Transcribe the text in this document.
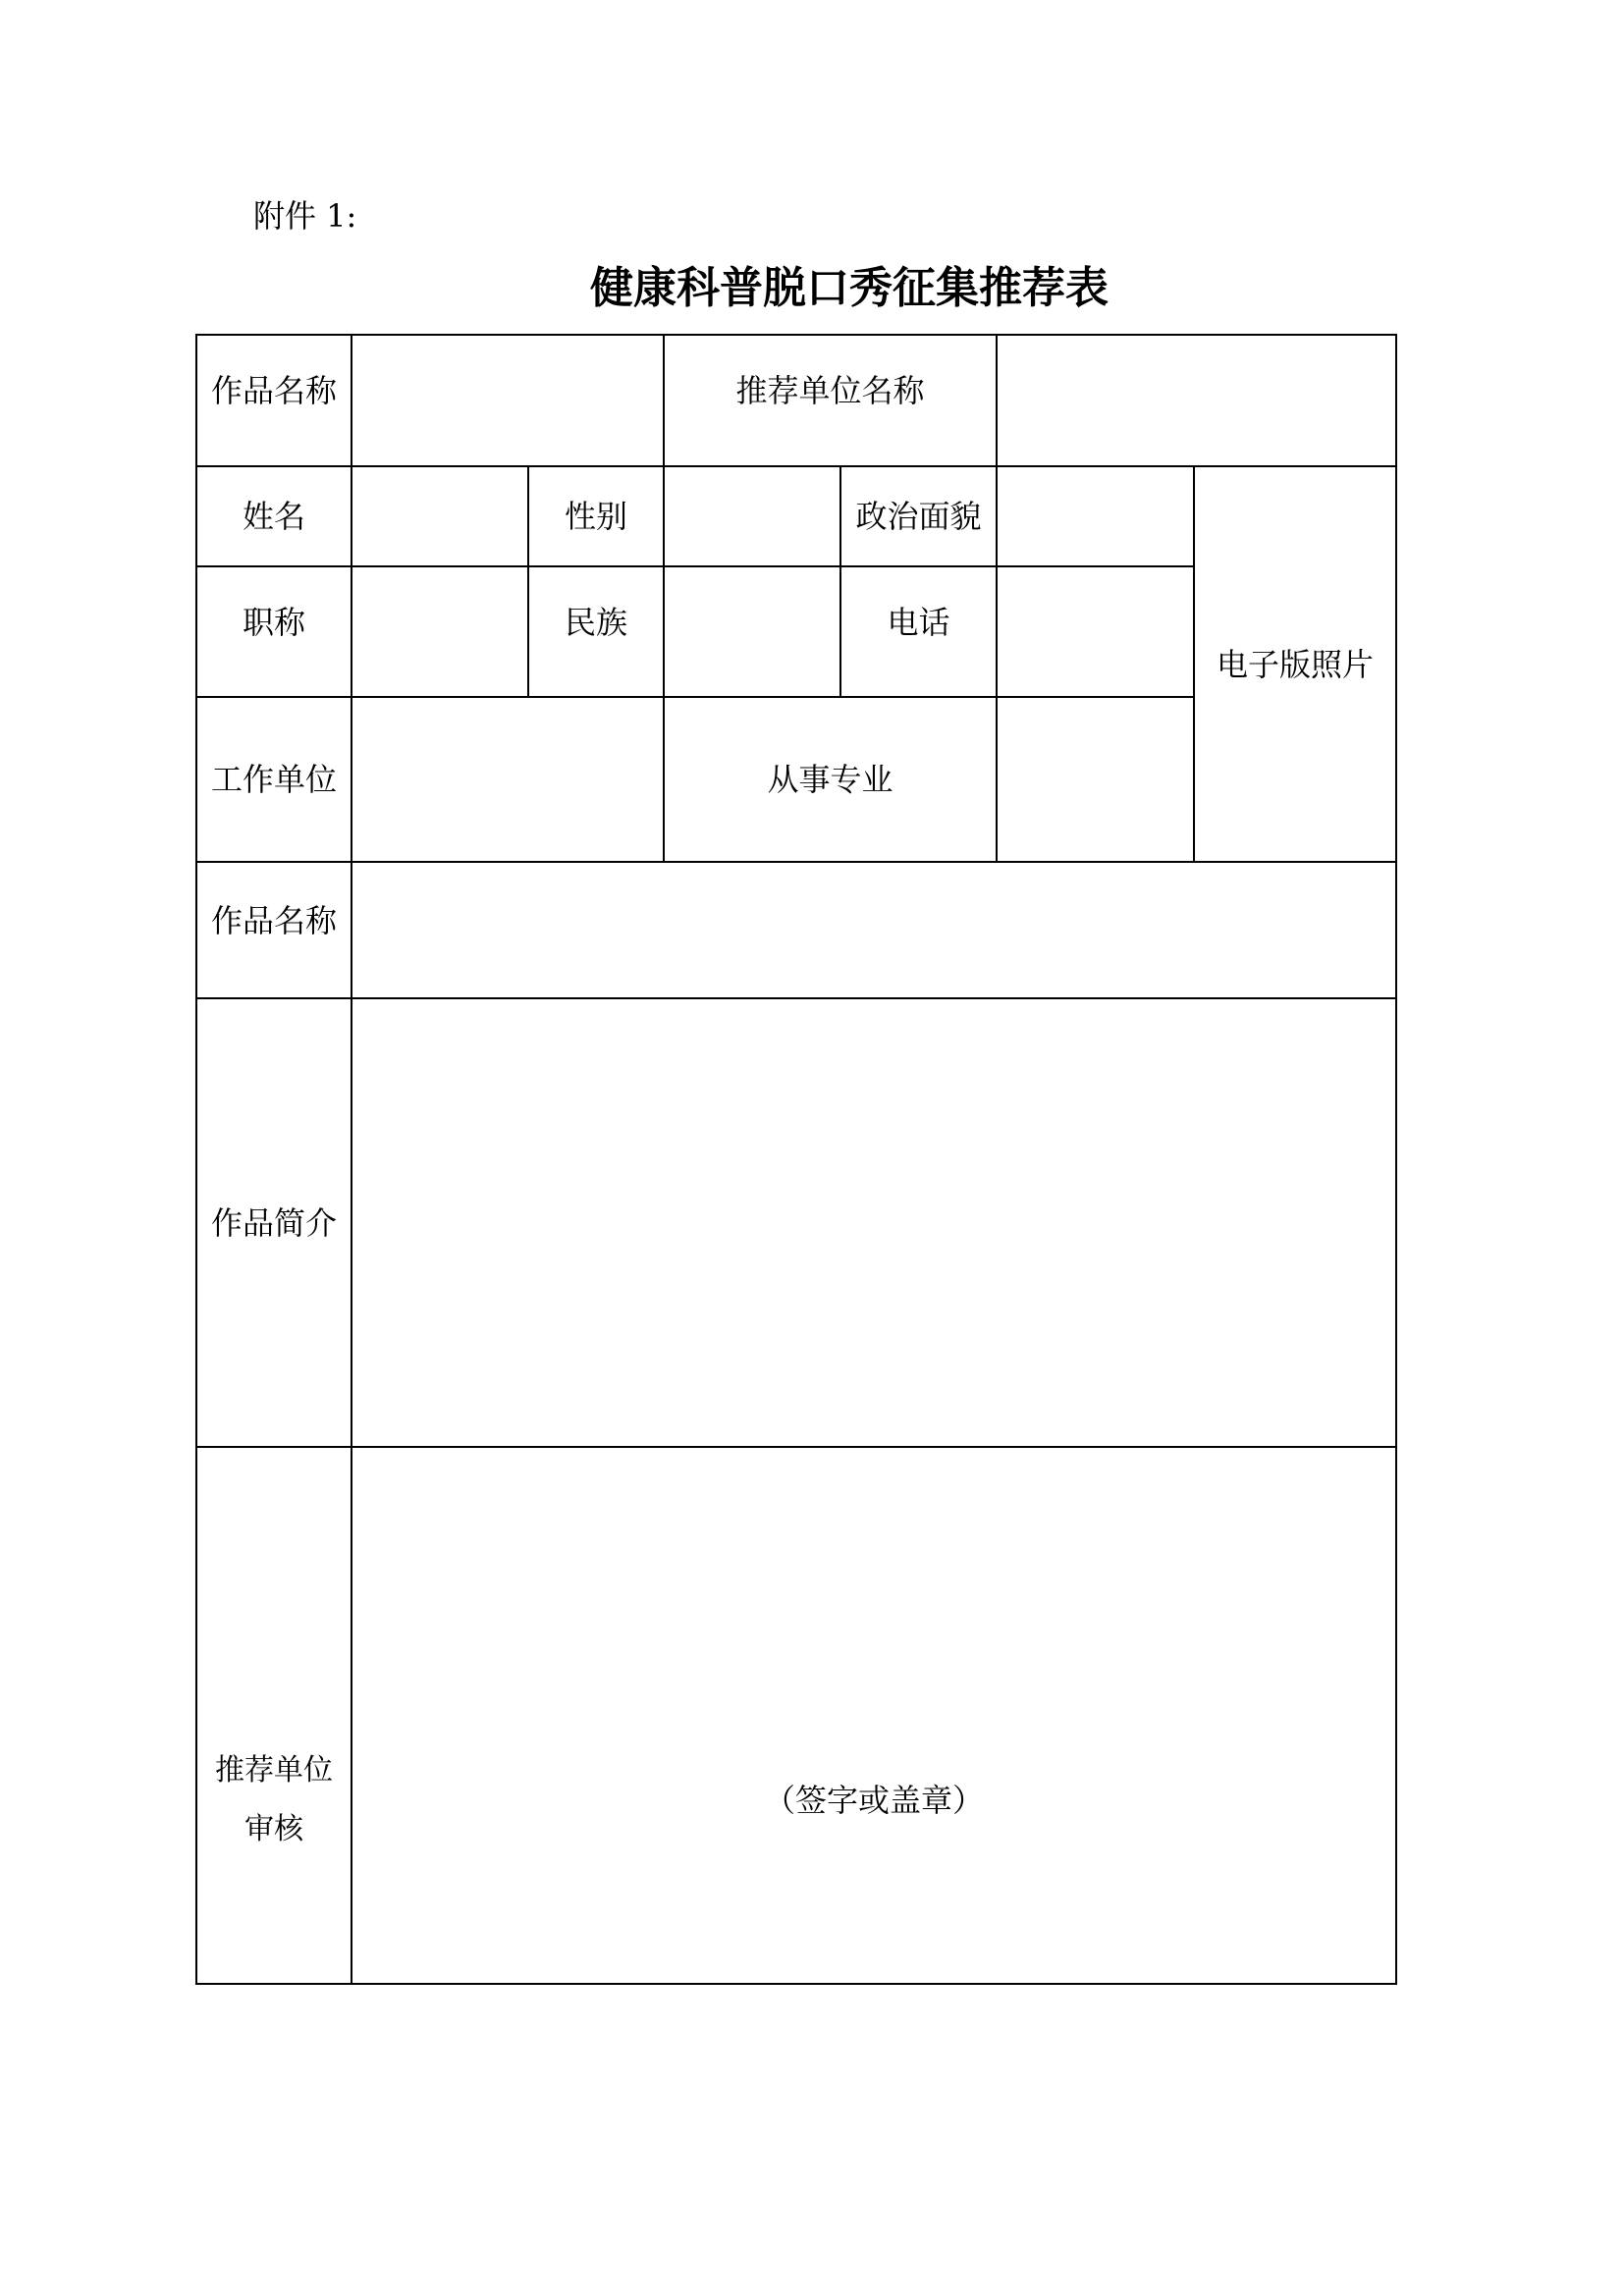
附件 1:
健康科普脱口秀征集推荐表
作品名称			推荐单位名称			
姓名		性别		政治面貌		电子版照片
职称		民族		电话		
工作单位			从事专业			
作品名称						
作品简介						

推荐单位
审核	（签字或盖章）					
